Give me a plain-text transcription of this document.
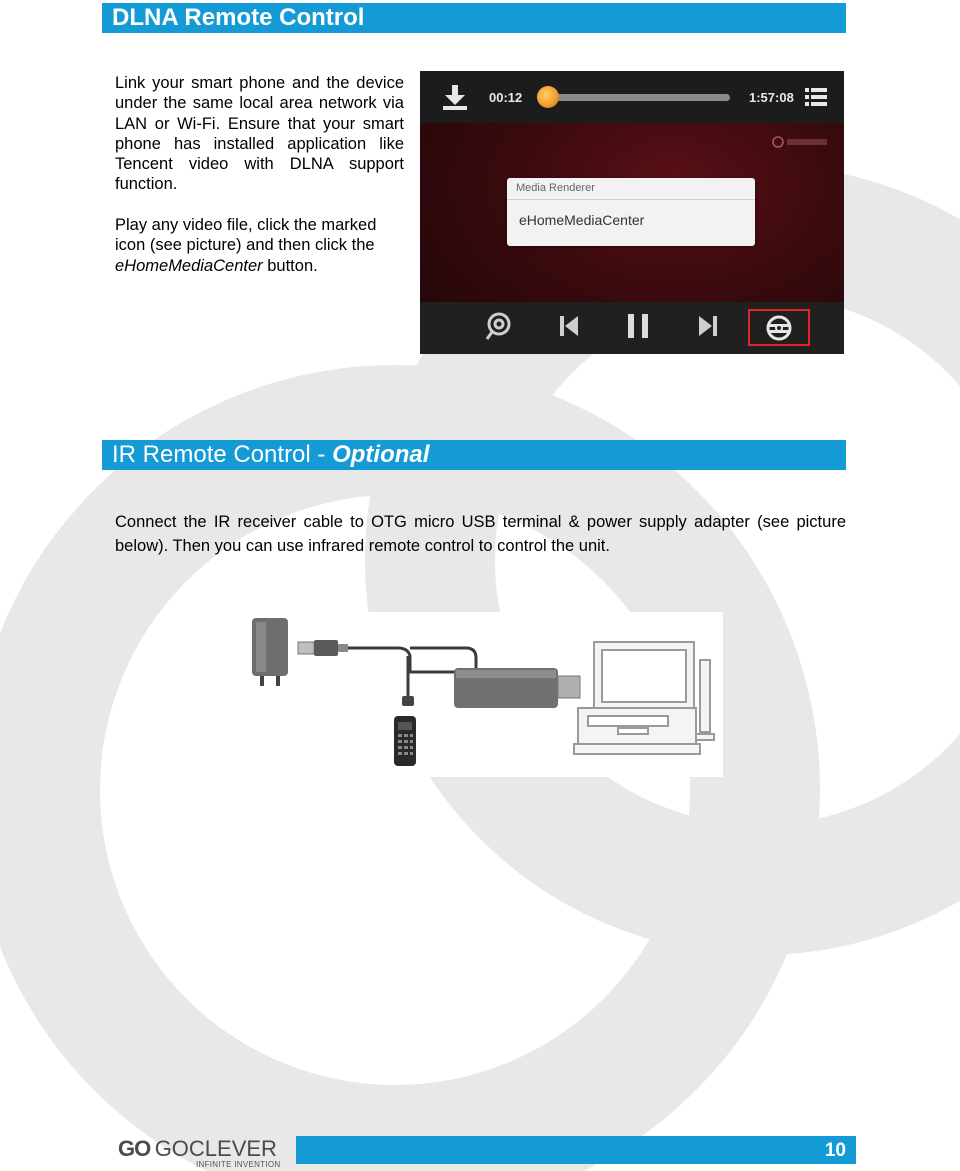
DLNA Remote Control
Link your smart phone and the device under the same local area network via LAN or Wi-Fi. Ensure that your smart phone has installed application like Tencent video with DLNA support function.
Play any video file, click the marked icon (see picture) and then click the eHomeMediaCenter button.
00:12	1:57:08
Media Renderer
eHomeMediaCenter
IR Remote Control - Optional
Connect the IR receiver cable to OTG micro USB terminal & power supply adapter (see picture below). Then you can use infrared remote control to control the unit.
GO GOCLEVER
INFINITE INVENTION
10
